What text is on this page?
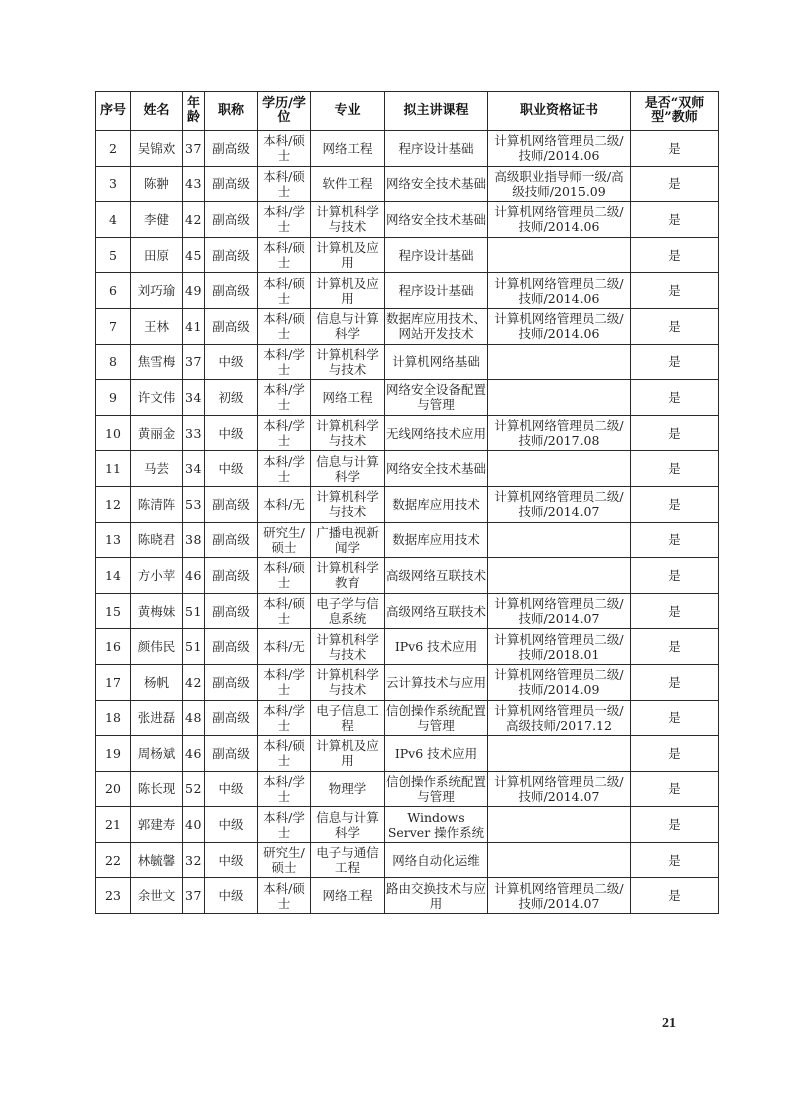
序号	姓名	年龄	职称	学历/学位	专业	拟主讲课程	职业资格证书	是否“双师型”教师
2	吴锦欢	37	副高级	本科/硕士	网络工程	程序设计基础	计算机网络管理员二级/技师/2014.06	是
3	陈翀	43	副高级	本科/硕士	软件工程	网络安全技术基础	高级职业指导师一级/高级技师/2015.09	是
4	李健	42	副高级	本科/学士	计算机科学与技术	网络安全技术基础	计算机网络管理员二级/技师/2014.06	是
5	田原	45	副高级	本科/硕士	计算机及应用	程序设计基础		是
6	刘巧瑜	49	副高级	本科/硕士	计算机及应用	程序设计基础	计算机网络管理员二级/技师/2014.06	是
7	王林	41	副高级	本科/硕士	信息与计算科学	数据库应用技术、网站开发技术	计算机网络管理员二级/技师/2014.06	是
8	焦雪梅	37	中级	本科/学士	计算机科学与技术	计算机网络基础		是
9	许文伟	34	初级	本科/学士	网络工程	网络安全设备配置与管理		是
10	黄丽金	33	中级	本科/学士	计算机科学与技术	无线网络技术应用	计算机网络管理员二级/技师/2017.08	是
11	马芸	34	中级	本科/学士	信息与计算科学	网络安全技术基础		是
12	陈清阵	53	副高级	本科/无	计算机科学与技术	数据库应用技术	计算机网络管理员二级/技师/2014.07	是
13	陈晓君	38	副高级	研究生/硕士	广播电视新闻学	数据库应用技术		是
14	方小苹	46	副高级	本科/硕士	计算机科学教育	高级网络互联技术		是
15	黄梅妹	51	副高级	本科/硕士	电子学与信息系统	高级网络互联技术	计算机网络管理员二级/技师/2014.07	是
16	颜伟民	51	副高级	本科/无	计算机科学与技术	IPv6 技术应用	计算机网络管理员二级/技师/2018.01	是
17	杨帆	42	副高级	本科/学士	计算机科学与技术	云计算技术与应用	计算机网络管理员二级/技师/2014.09	是
18	张进磊	48	副高级	本科/学士	电子信息工程	信创操作系统配置与管理	计算机网络管理员一级/高级技师/2017.12	是
19	周杨斌	46	副高级	本科/硕士	计算机及应用	IPv6 技术应用		是
20	陈长现	52	中级	本科/学士	物理学	信创操作系统配置与管理	计算机网络管理员二级/技师/2014.07	是
21	郭建寿	40	中级	本科/学士	信息与计算科学	Windows Server 操作系统		是
22	林毓馨	32	中级	研究生/硕士	电子与通信工程	网络自动化运维		是
23	余世文	37	中级	本科/硕士	网络工程	路由交换技术与应用	计算机网络管理员二级/技师/2014.07	是
21
